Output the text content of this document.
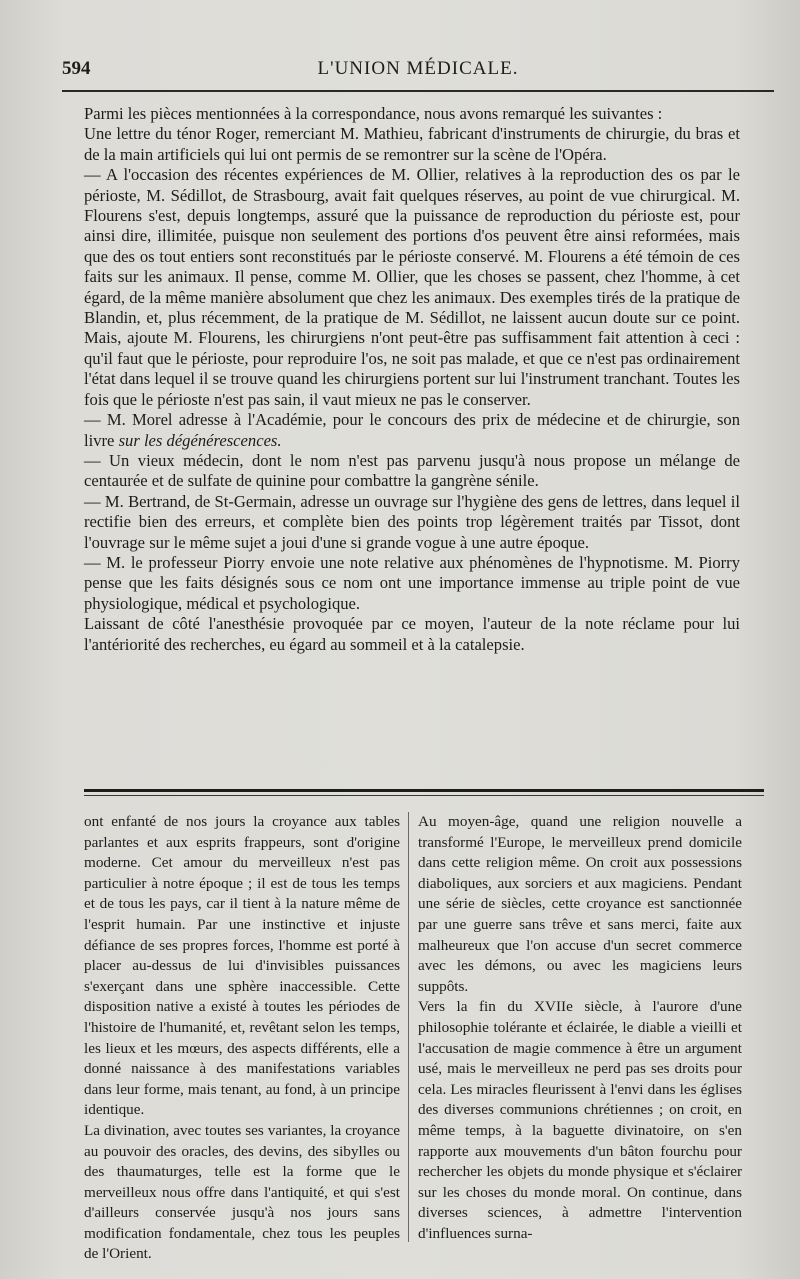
594	L'UNION MÉDICALE.

Parmi les pièces mentionnées à la correspondance, nous avons remarqué les suivantes :

Une lettre du ténor Roger, remerciant M. Mathieu, fabricant d'instruments de chirurgie, du bras et de la main artificiels qui lui ont permis de se remontrer sur la scène de l'Opéra.

— A l'occasion des récentes expériences de M. Ollier, relatives à la reproduction des os par le périoste, M. Sédillot, de Strasbourg, avait fait quelques réserves, au point de vue chirurgical. M. Flourens s'est, depuis longtemps, assuré que la puissance de reproduction du périoste est, pour ainsi dire, illimitée, puisque non seulement des portions d'os peuvent être ainsi reformées, mais que des os tout entiers sont reconstitués par le périoste conservé. M. Flourens a été témoin de ces faits sur les animaux. Il pense, comme M. Ollier, que les choses se passent, chez l'homme, à cet égard, de la même manière absolument que chez les animaux. Des exemples tirés de la pratique de Blandin, et, plus récemment, de la pratique de M. Sédillot, ne laissent aucun doute sur ce point. Mais, ajoute M. Flourens, les chirurgiens n'ont peut-être pas suffisamment fait attention à ceci : qu'il faut que le périoste, pour reproduire l'os, ne soit pas malade, et que ce n'est pas ordinairement l'état dans lequel il se trouve quand les chirurgiens portent sur lui l'instrument tranchant. Toutes les fois que le périoste n'est pas sain, il vaut mieux ne pas le conserver.

— M. Morel adresse à l'Académie, pour le concours des prix de médecine et de chirurgie, son livre sur les dégénérescences.

— Un vieux médecin, dont le nom n'est pas parvenu jusqu'à nous propose un mélange de centaurée et de sulfate de quinine pour combattre la gangrène sénile.

— M. Bertrand, de St-Germain, adresse un ouvrage sur l'hygiène des gens de lettres, dans lequel il rectifie bien des erreurs, et complète bien des points trop légèrement traités par Tissot, dont l'ouvrage sur le même sujet a joui d'une si grande vogue à une autre époque.

— M. le professeur Piorry envoie une note relative aux phénomènes de l'hypnotisme. M. Piorry pense que les faits désignés sous ce nom ont une importance immense au triple point de vue physiologique, médical et psychologique.

Laissant de côté l'anesthésie provoquée par ce moyen, l'auteur de la note réclame pour lui l'antériorité des recherches, eu égard au sommeil et à la catalepsie.

ont enfanté de nos jours la croyance aux tables parlantes et aux esprits frappeurs, sont d'origine moderne. Cet amour du merveilleux n'est pas particulier à notre époque ; il est de tous les temps et de tous les pays, car il tient à la nature même de l'esprit humain. Par une instinctive et injuste défiance de ses propres forces, l'homme est porté à placer au-dessus de lui d'invisibles puissances s'exerçant dans une sphère inaccessible. Cette disposition native a existé à toutes les périodes de l'histoire de l'humanité, et, revêtant selon les temps, les lieux et les mœurs, des aspects différents, elle a donné naissance à des manifestations variables dans leur forme, mais tenant, au fond, à un principe identique.

La divination, avec toutes ses variantes, la croyance au pouvoir des oracles, des devins, des sibylles ou des thaumaturges, telle est la forme que le merveilleux nous offre dans l'antiquité, et qui s'est d'ailleurs conservée jusqu'à nos jours sans modification fondamentale, chez tous les peuples de l'Orient.

Au moyen-âge, quand une religion nouvelle a transformé l'Europe, le merveilleux prend domicile dans cette religion même. On croit aux possessions diaboliques, aux sorciers et aux magiciens. Pendant une série de siècles, cette croyance est sanctionnée par une guerre sans trêve et sans merci, faite aux malheureux que l'on accuse d'un secret commerce avec les démons, ou avec les magiciens leurs suppôts.

Vers la fin du XVIIe siècle, à l'aurore d'une philosophie tolérante et éclairée, le diable a vieilli et l'accusation de magie commence à être un argument usé, mais le merveilleux ne perd pas ses droits pour cela. Les miracles fleurissent à l'envi dans les églises des diverses communions chrétiennes ; on croit, en même temps, à la baguette divinatoire, on s'en rapporte aux mouvements d'un bâton fourchu pour rechercher les objets du monde physique et s'éclairer sur les choses du monde moral. On continue, dans diverses sciences, à admettre l'intervention d'influences surna-
